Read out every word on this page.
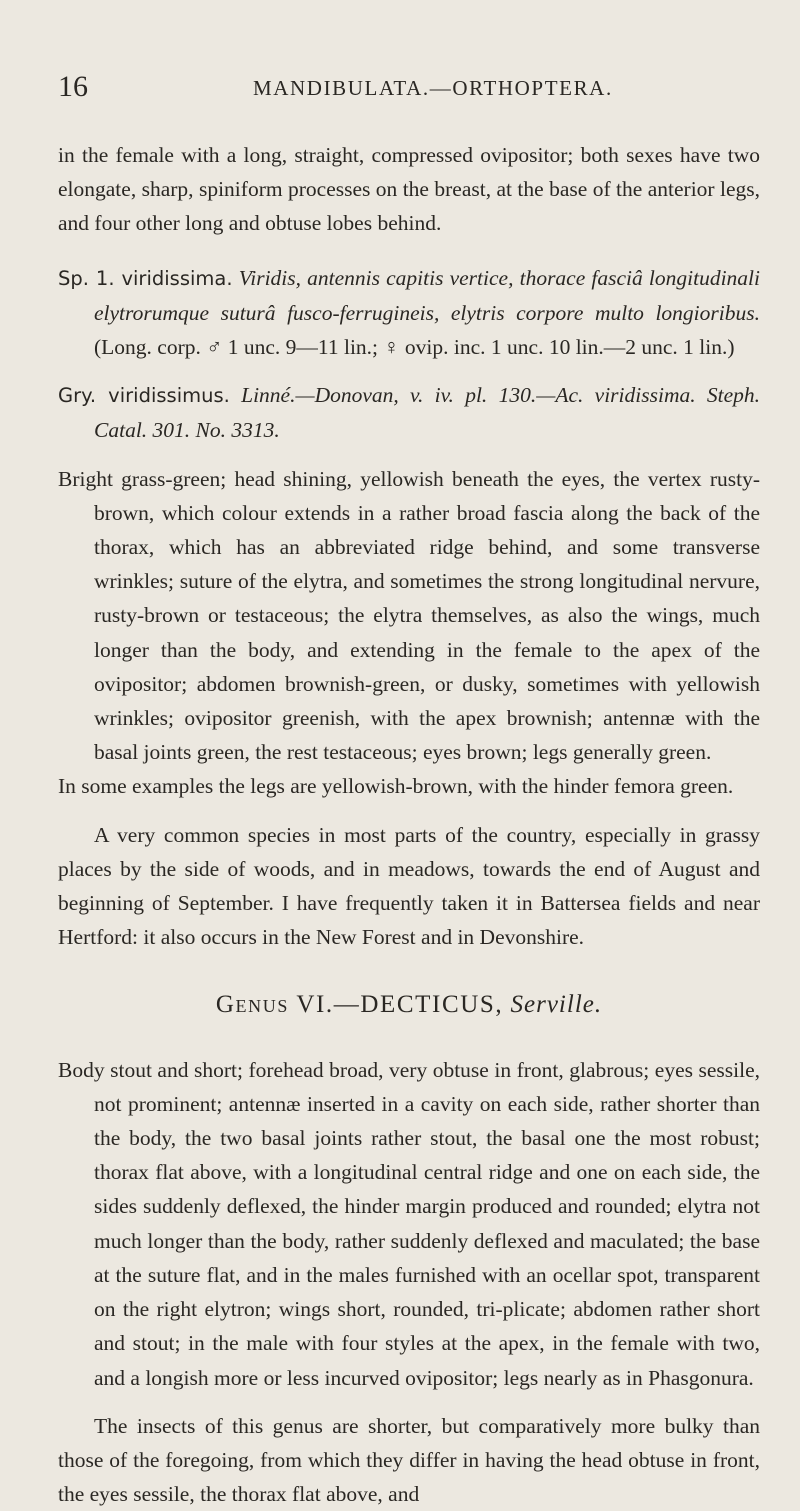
16	MANDIBULATA.—ORTHOPTERA.

in the female with a long, straight, compressed ovipositor; both sexes have two elongate, sharp, spiniform processes on the breast, at the base of the anterior legs, and four other long and obtuse lobes behind.

Sp. 1. viridissima. Viridis, antennis capitis vertice, thorace fasciâ longitudinali elytrorumque suturâ fusco-ferrugineis, elytris corpore multo longioribus. (Long. corp. ♂ 1 unc. 9—11 lin.; ♀ ovip. inc. 1 unc. 10 lin.—2 unc. 1 lin.)

Gry. viridissimus. Linné.—Donovan, v. iv. pl. 130.—Ac. viridissima. Steph. Catal. 301. No. 3313.

Bright grass-green; head shining, yellowish beneath the eyes, the vertex rusty-brown, which colour extends in a rather broad fascia along the back of the thorax, which has an abbreviated ridge behind, and some transverse wrinkles; suture of the elytra, and sometimes the strong longitudinal nervure, rusty-brown or testaceous; the elytra themselves, as also the wings, much longer than the body, and extending in the female to the apex of the ovipositor; abdomen brownish-green, or dusky, sometimes with yellowish wrinkles; ovipositor greenish, with the apex brownish; antennæ with the basal joints green, the rest testaceous; eyes brown; legs generally green.

In some examples the legs are yellowish-brown, with the hinder femora green.

A very common species in most parts of the country, especially in grassy places by the side of woods, and in meadows, towards the end of August and beginning of September. I have frequently taken it in Battersea fields and near Hertford: it also occurs in the New Forest and in Devonshire.

Genus VI.—DECTICUS, Serville.

Body stout and short; forehead broad, very obtuse in front, glabrous; eyes sessile, not prominent; antennæ inserted in a cavity on each side, rather shorter than the body, the two basal joints rather stout, the basal one the most robust; thorax flat above, with a longitudinal central ridge and one on each side, the sides suddenly deflexed, the hinder margin produced and rounded; elytra not much longer than the body, rather suddenly deflexed and maculated; the base at the suture flat, and in the males furnished with an ocellar spot, transparent on the right elytron; wings short, rounded, tri-plicate; abdomen rather short and stout; in the male with four styles at the apex, in the female with two, and a longish more or less incurved ovipositor; legs nearly as in Phasgonura.

The insects of this genus are shorter, but comparatively more bulky than those of the foregoing, from which they differ in having the head obtuse in front, the eyes sessile, the thorax flat above, and
